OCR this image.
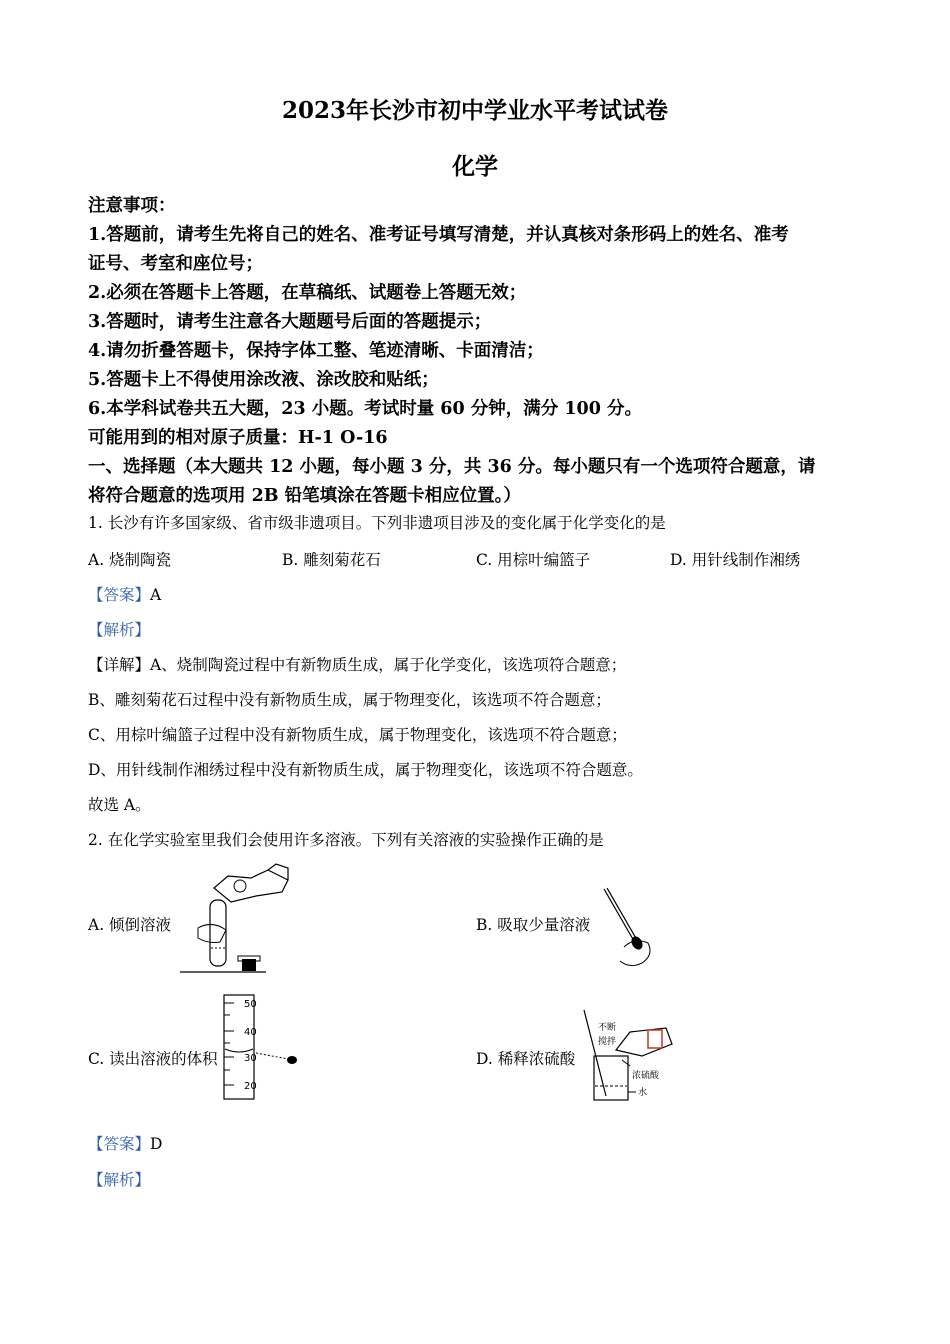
2023年长沙市初中学业水平考试试卷
化学
注意事项：
1.答题前，请考生先将自己的姓名、准考证号填写清楚，并认真核对条形码上的姓名、准考
证号、考室和座位号；
2.必须在答题卡上答题，在草稿纸、试题卷上答题无效；
3.答题时，请考生注意各大题题号后面的答题提示；
4.请勿折叠答题卡，保持字体工整、笔迹清晰、卡面清洁；
5.答题卡上不得使用涂改液、涂改胶和贴纸；
6.本学科试卷共五大题，23 小题。考试时量 60 分钟，满分 100 分。
可能用到的相对原子质量：H-1 O-16
一、选择题（本大题共 12 小题，每小题 3 分，共 36 分。每小题只有一个选项符合题意，请
将符合题意的选项用 2B 铅笔填涂在答题卡相应位置。）
1. 长沙有许多国家级、省市级非遗项目。下列非遗项目涉及的变化属于化学变化的是
A. 烧制陶瓷	B. 雕刻菊花石	C. 用棕叶编篮子	D. 用针线制作湘绣
【答案】A
【解析】
【详解】A、烧制陶瓷过程中有新物质生成，属于化学变化，该选项符合题意；
B、雕刻菊花石过程中没有新物质生成，属于物理变化，该选项不符合题意；
C、用棕叶编篮子过程中没有新物质生成，属于物理变化，该选项不符合题意；
D、用针线制作湘绣过程中没有新物质生成，属于物理变化，该选项不符合题意。
故选 A。
2. 在化学实验室里我们会使用许多溶液。下列有关溶液的实验操作正确的是
A. 倾倒溶液	B. 吸取少量溶液
C. 读出溶液的体积	D. 稀释浓硫酸
50
40
30
20
不断
搅拌
浓硫酸
水
【答案】D
【解析】
